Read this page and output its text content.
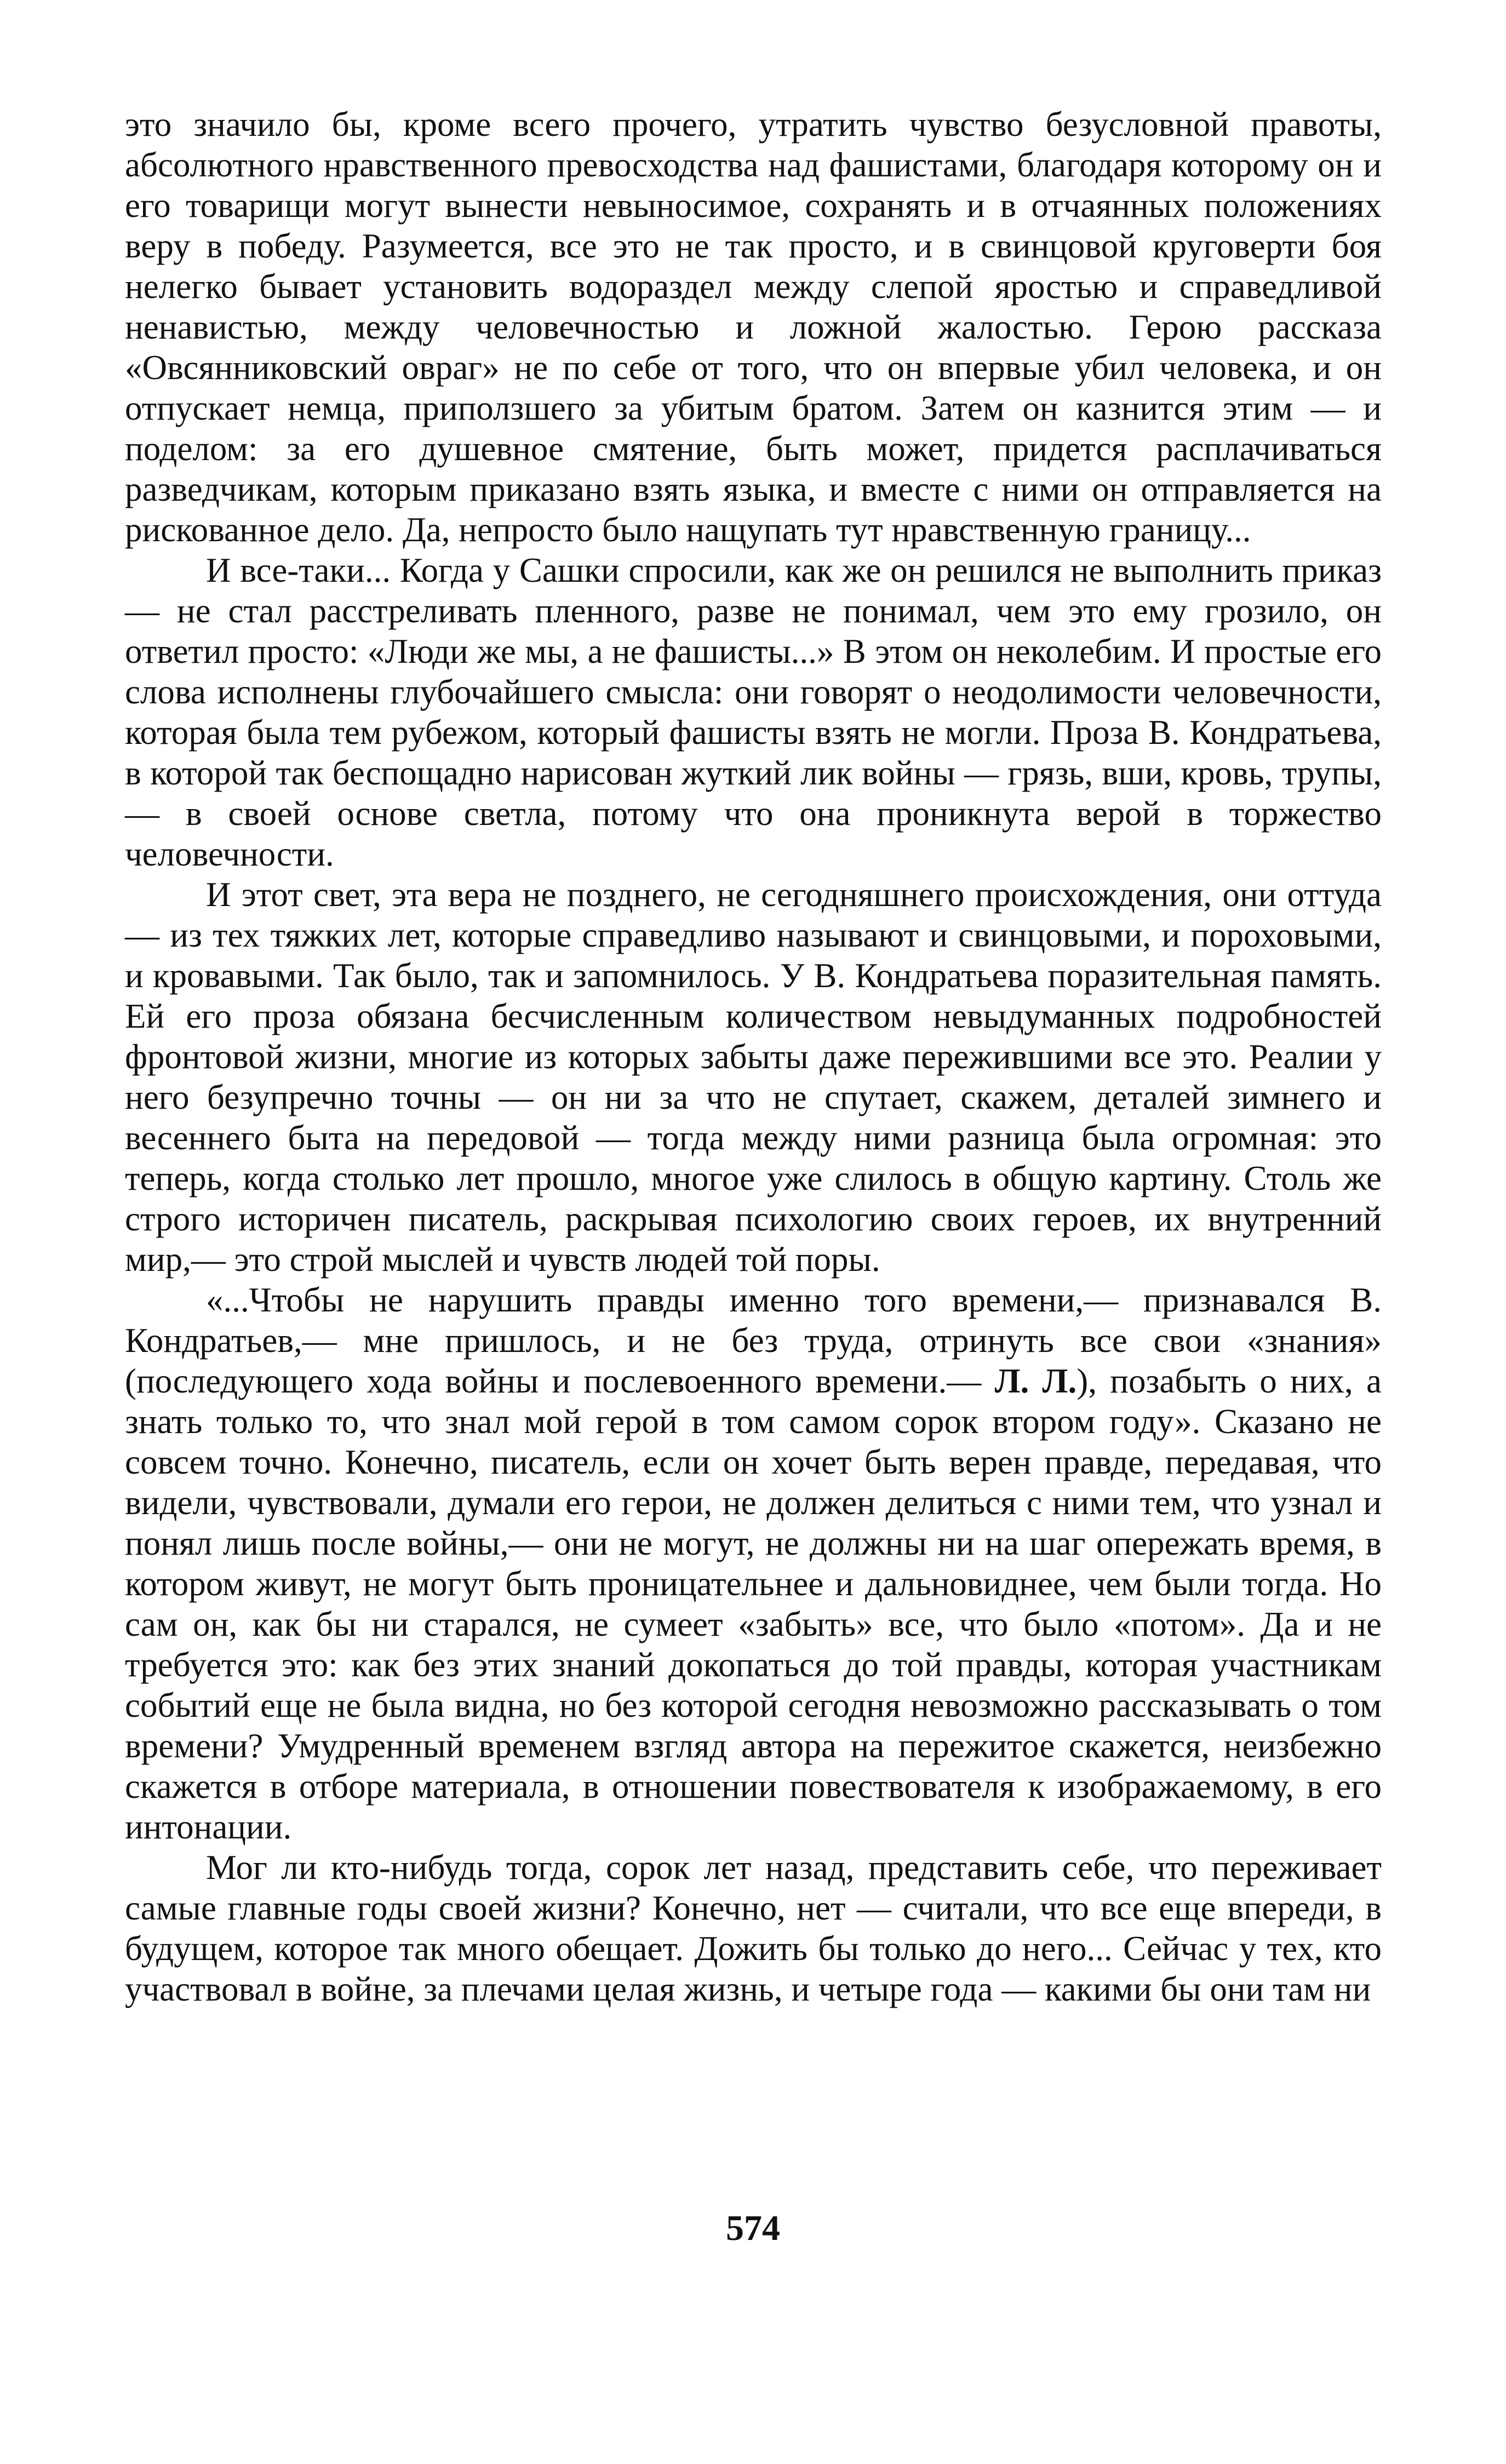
это значило бы, кроме всего прочего, утратить чувство безусловной правоты, абсолютного нравственного превосходства над фашистами, благодаря которому он и его товарищи могут вынести невыносимое, сохранять и в отчаянных положениях веру в победу. Разумеется, все это не так просто, и в свинцовой круговерти боя нелегко бывает установить водораздел между слепой яростью и справедливой ненавистью, между человечностью и ложной жалостью. Герою рассказа «Овсянниковский овраг» не по себе от того, что он впервые убил человека, и он отпускает немца, приползшего за убитым братом. Затем он казнится этим — и поделом: за его душевное смятение, быть может, придется расплачиваться разведчикам, которым приказано взять языка, и вместе с ними он отправляется на рискованное дело. Да, непросто было нащупать тут нравственную границу...

И все-таки... Когда у Сашки спросили, как же он решился не выполнить приказ — не стал расстреливать пленного, разве не понимал, чем это ему грозило, он ответил просто: «Люди же мы, а не фашисты...» В этом он неколебим. И простые его слова исполнены глубочайшего смысла: они говорят о неодолимости человечности, которая была тем рубежом, который фашисты взять не могли. Проза В. Кондратьева, в которой так беспощадно нарисован жуткий лик войны — грязь, вши, кровь, трупы,— в своей основе светла, потому что она проникнута верой в торжество человечности.

И этот свет, эта вера не позднего, не сегодняшнего происхождения, они оттуда — из тех тяжких лет, которые справедливо называют и свинцовыми, и пороховыми, и кровавыми. Так было, так и запомнилось. У В. Кондратьева поразительная память. Ей его проза обязана бесчисленным количеством невыдуманных подробностей фронтовой жизни, многие из которых забыты даже пережившими все это. Реалии у него безупречно точны — он ни за что не спутает, скажем, деталей зимнего и весеннего быта на передовой — тогда между ними разница была огромная: это теперь, когда столько лет прошло, многое уже слилось в общую картину. Столь же строго историчен писатель, раскрывая психологию своих героев, их внутренний мир,— это строй мыслей и чувств людей той поры.

«...Чтобы не нарушить правды именно того времени,— признавался В. Кондратьев,— мне пришлось, и не без труда, отринуть все свои «знания» (последующего хода войны и послевоенного времени.— Л. Л.), позабыть о них, а знать только то, что знал мой герой в том самом сорок втором году». Сказано не совсем точно. Конечно, писатель, если он хочет быть верен правде, передавая, что видели, чувствовали, думали его герои, не должен делиться с ними тем, что узнал и понял лишь после войны,— они не могут, не должны ни на шаг опережать время, в котором живут, не могут быть проницательнее и дальновиднее, чем были тогда. Но сам он, как бы ни старался, не сумеет «забыть» все, что было «потом». Да и не требуется это: как без этих знаний докопаться до той правды, которая участникам событий еще не была видна, но без которой сегодня невозможно рассказывать о том времени? Умудренный временем взгляд автора на пережитое скажется, неизбежно скажется в отборе материала, в отношении повествователя к изображаемому, в его интонации.

Мог ли кто-нибудь тогда, сорок лет назад, представить себе, что переживает самые главные годы своей жизни? Конечно, нет — считали, что все еще впереди, в будущем, которое так много обещает. Дожить бы только до него... Сейчас у тех, кто участвовал в войне, за плечами целая жизнь, и четыре года — какими бы они там ни

574
